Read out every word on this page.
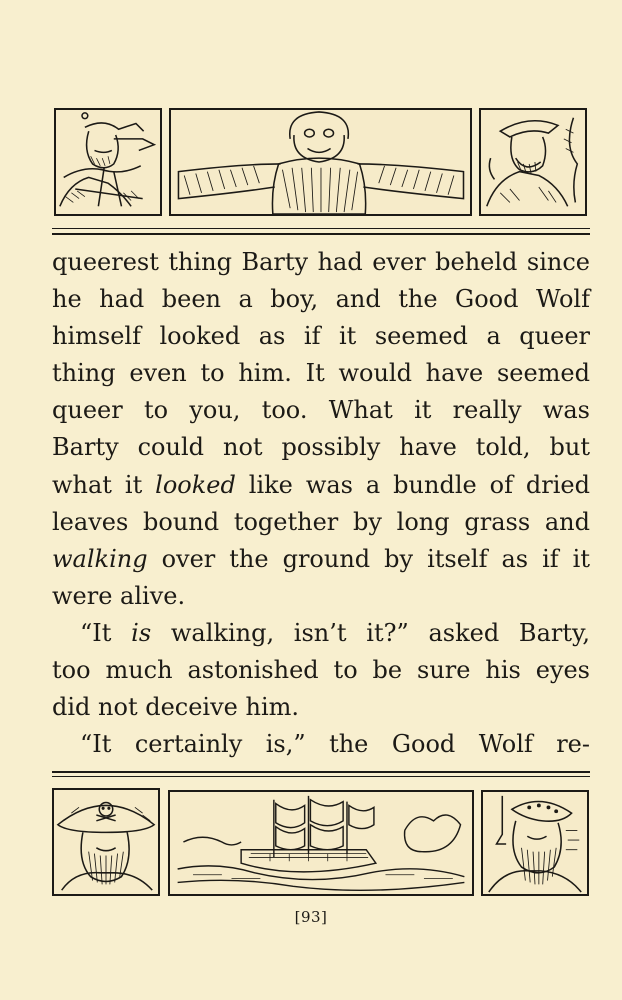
queerest thing Barty had ever beheld since
he had been a boy, and the Good Wolf
himself looked as if it seemed a queer
thing even to him. It would have seemed
queer to you, too. What it really was
Barty could not possibly have told, but
what it looked like was a bundle of dried
leaves bound together by long grass and
walking over the ground by itself as if it
were alive.
“It is walking, isn’t it?” asked Barty,
too much astonished to be sure his eyes
did not deceive him.
“It certainly is,” the Good Wolf re-
[93]
